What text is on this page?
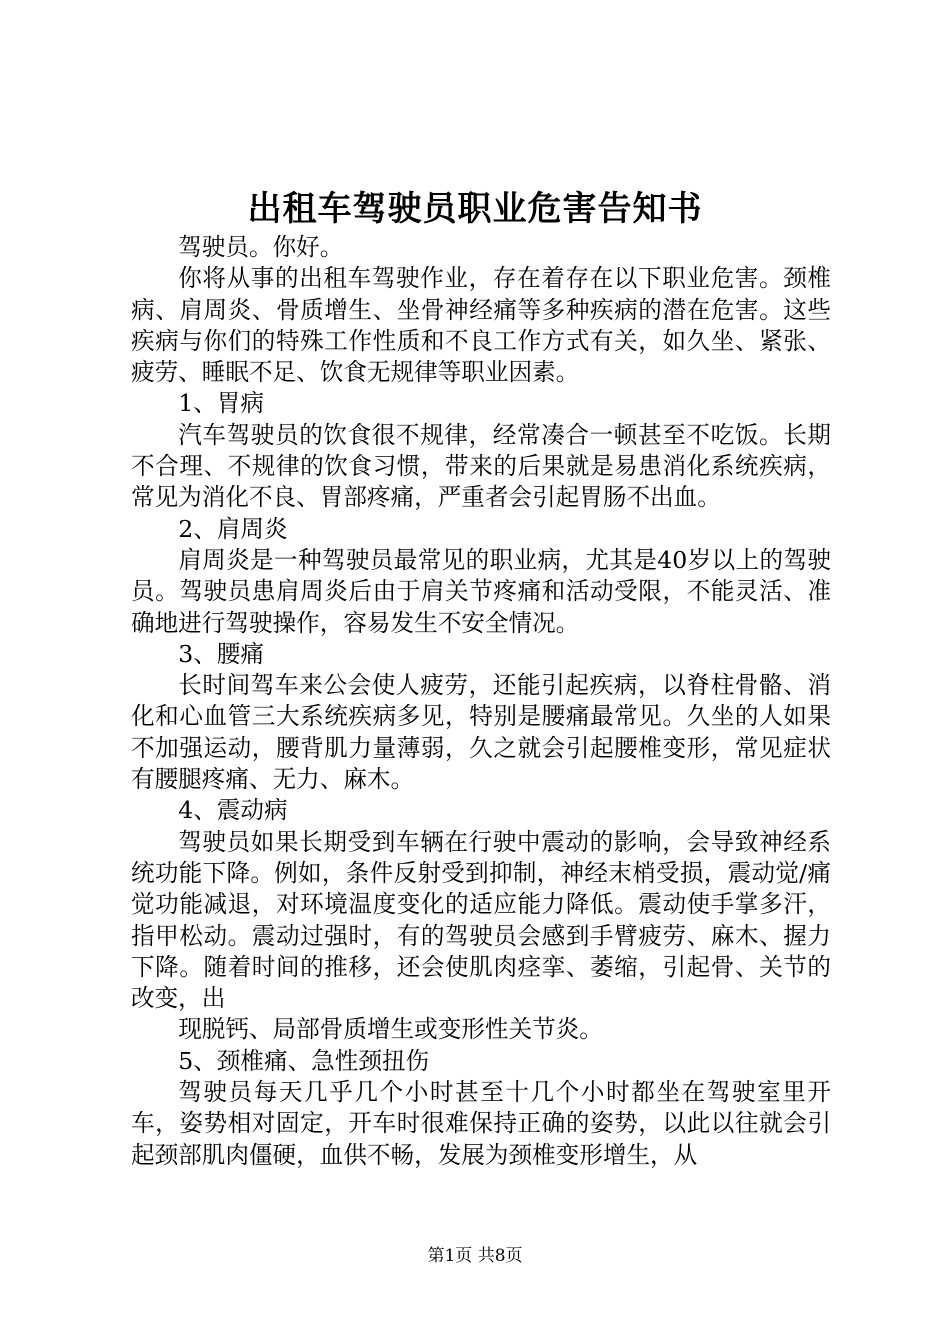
出租车驾驶员职业危害告知书

驾驶员。你好。

你将从事的出租车驾驶作业，存在着存在以下职业危害。颈椎病、肩周炎、骨质增生、坐骨神经痛等多种疾病的潜在危害。这些疾病与你们的特殊工作性质和不良工作方式有关，如久坐、紧张、疲劳、睡眠不足、饮食无规律等职业因素。

1、胃病

汽车驾驶员的饮食很不规律，经常凑合一顿甚至不吃饭。长期不合理、不规律的饮食习惯，带来的后果就是易患消化系统疾病，常见为消化不良、胃部疼痛，严重者会引起胃肠不出血。

2、肩周炎

肩周炎是一种驾驶员最常见的职业病，尤其是40岁以上的驾驶员。驾驶员患肩周炎后由于肩关节疼痛和活动受限，不能灵活、准确地进行驾驶操作，容易发生不安全情况。

3、腰痛

长时间驾车来公会使人疲劳，还能引起疾病，以脊柱骨骼、消化和心血管三大系统疾病多见，特别是腰痛最常见。久坐的人如果不加强运动，腰背肌力量薄弱，久之就会引起腰椎变形，常见症状有腰腿疼痛、无力、麻木。

4、震动病

驾驶员如果长期受到车辆在行驶中震动的影响，会导致神经系统功能下降。例如，条件反射受到抑制，神经末梢受损，震动觉/痛觉功能减退，对环境温度变化的适应能力降低。震动使手掌多汗，指甲松动。震动过强时，有的驾驶员会感到手臂疲劳、麻木、握力下降。随着时间的推移，还会使肌肉痉挛、萎缩，引起骨、关节的改变，出

现脱钙、局部骨质增生或变形性关节炎。

5、颈椎痛、急性颈扭伤

驾驶员每天几乎几个小时甚至十几个小时都坐在驾驶室里开车，姿势相对固定，开车时很难保持正确的姿势，以此以往就会引起颈部肌肉僵硬，血供不畅，发展为颈椎变形增生，从

第1页 共8页
